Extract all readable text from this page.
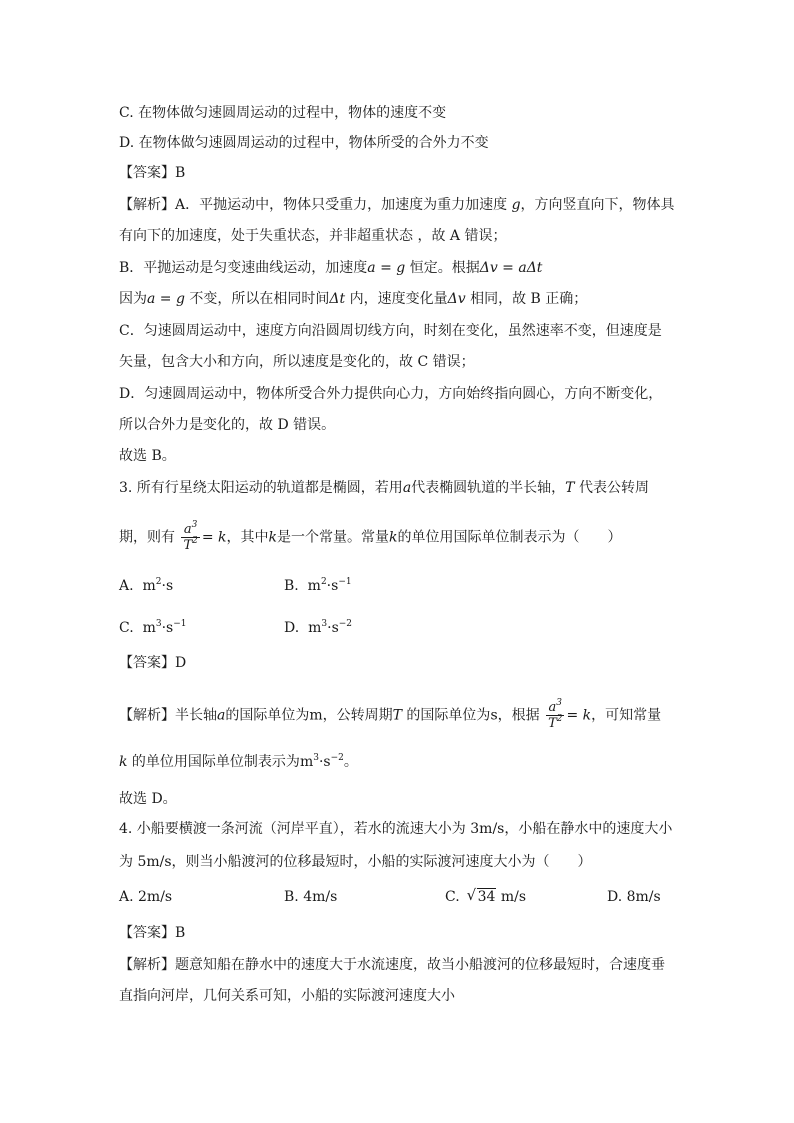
C. 在物体做匀速圆周运动的过程中，物体的速度不变
D. 在物体做匀速圆周运动的过程中，物体所受的合外力不变
【答案】B
【解析】A．平抛运动中，物体只受重力，加速度为重力加速度 g，方向竖直向下，物体具
有向下的加速度，处于失重状态，并非超重状态 ，故 A 错误；
B．平抛运动是匀变速曲线运动，加速度a = g 恒定。根据Δv = aΔt
因为a = g 不变，所以在相同时间Δt 内，速度变化量Δv 相同，故 B 正确；
C．匀速圆周运动中，速度方向沿圆周切线方向，时刻在变化，虽然速率不变，但速度是
矢量，包含大小和方向，所以速度是变化的，故 C 错误；
D．匀速圆周运动中，物体所受合外力提供向心力，方向始终指向圆心，方向不断变化，
所以合外力是变化的，故 D 错误。
故选 B。
3. 所有行星绕太阳运动的轨道都是椭圆，若用a代表椭圆轨道的半长轴，T 代表公转周
期，则有 $\frac{a^3}{T^2} = k$，其中k是一个常量。常量k的单位用国际单位制表示为（　　）
A. $m^2\cdot s$	B. $m^2\cdot s^{-1}$
C. $m^3\cdot s^{-1}$	D. $m^3\cdot s^{-2}$
【答案】D
【解析】半长轴a的国际单位为m，公转周期T 的国际单位为s，根据 $\frac{a^3}{T^2} = k$，可知常量
k 的单位用国际单位制表示为$m^3\cdot s^{-2}$。
故选 D。
4. 小船要横渡一条河流（河岸平直），若水的流速大小为 3m/s，小船在静水中的速度大小
为 5m/s，则当小船渡河的位移最短时，小船的实际渡河速度大小为（　　）
A. 2m/s	B. 4m/s	C.  √ 34 m/s	D. 8m/s
【答案】B
【解析】题意知船在静水中的速度大于水流速度，故当小船渡河的位移最短时，合速度垂
直指向河岸，几何关系可知，小船的实际渡河速度大小
